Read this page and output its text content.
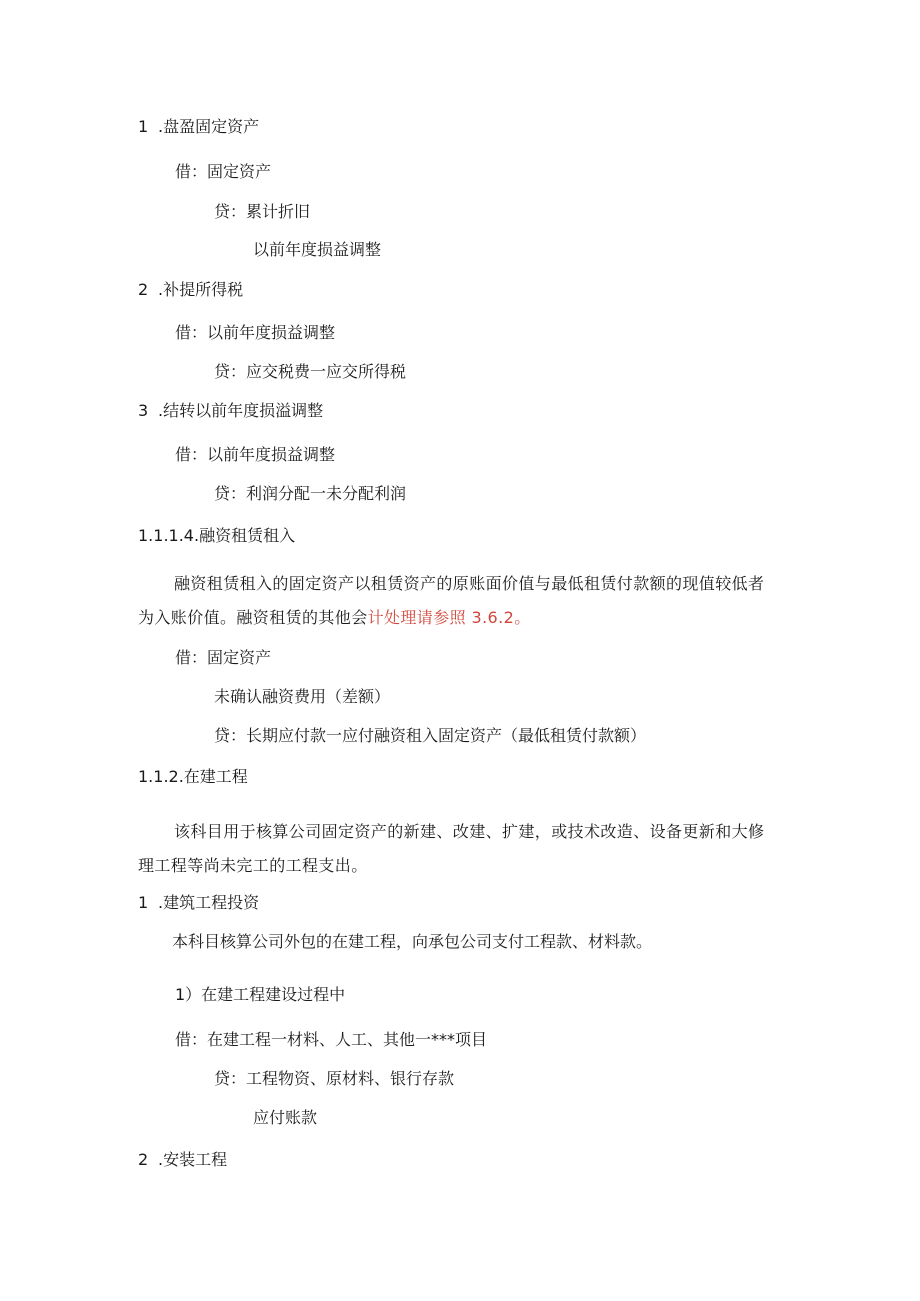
1 .盘盈固定资产
借：固定资产
贷：累计折旧
以前年度损益调整
2 .补提所得税
借：以前年度损益调整
贷：应交税费一应交所得税
3 .结转以前年度损溢调整
借：以前年度损益调整
贷：利润分配一未分配利润
1.1.1.4.融资租赁租入
融资租赁租入的固定资产以租赁资产的原账面价值与最低租赁付款额的现值较低者为入账价值。融资租赁的其他会计处理请参照 3.6.2。
借：固定资产
未确认融资费用（差额）
贷：长期应付款一应付融资租入固定资产（最低租赁付款额）
1.1.2.在建工程
该科目用于核算公司固定资产的新建、改建、扩建，或技术改造、设备更新和大修理工程等尚未完工的工程支出。
1 .建筑工程投资
本科目核算公司外包的在建工程，向承包公司支付工程款、材料款。
1）在建工程建设过程中
借：在建工程一材料、人工、其他一***项目
贷：工程物资、原材料、银行存款
应付账款
2 .安装工程
